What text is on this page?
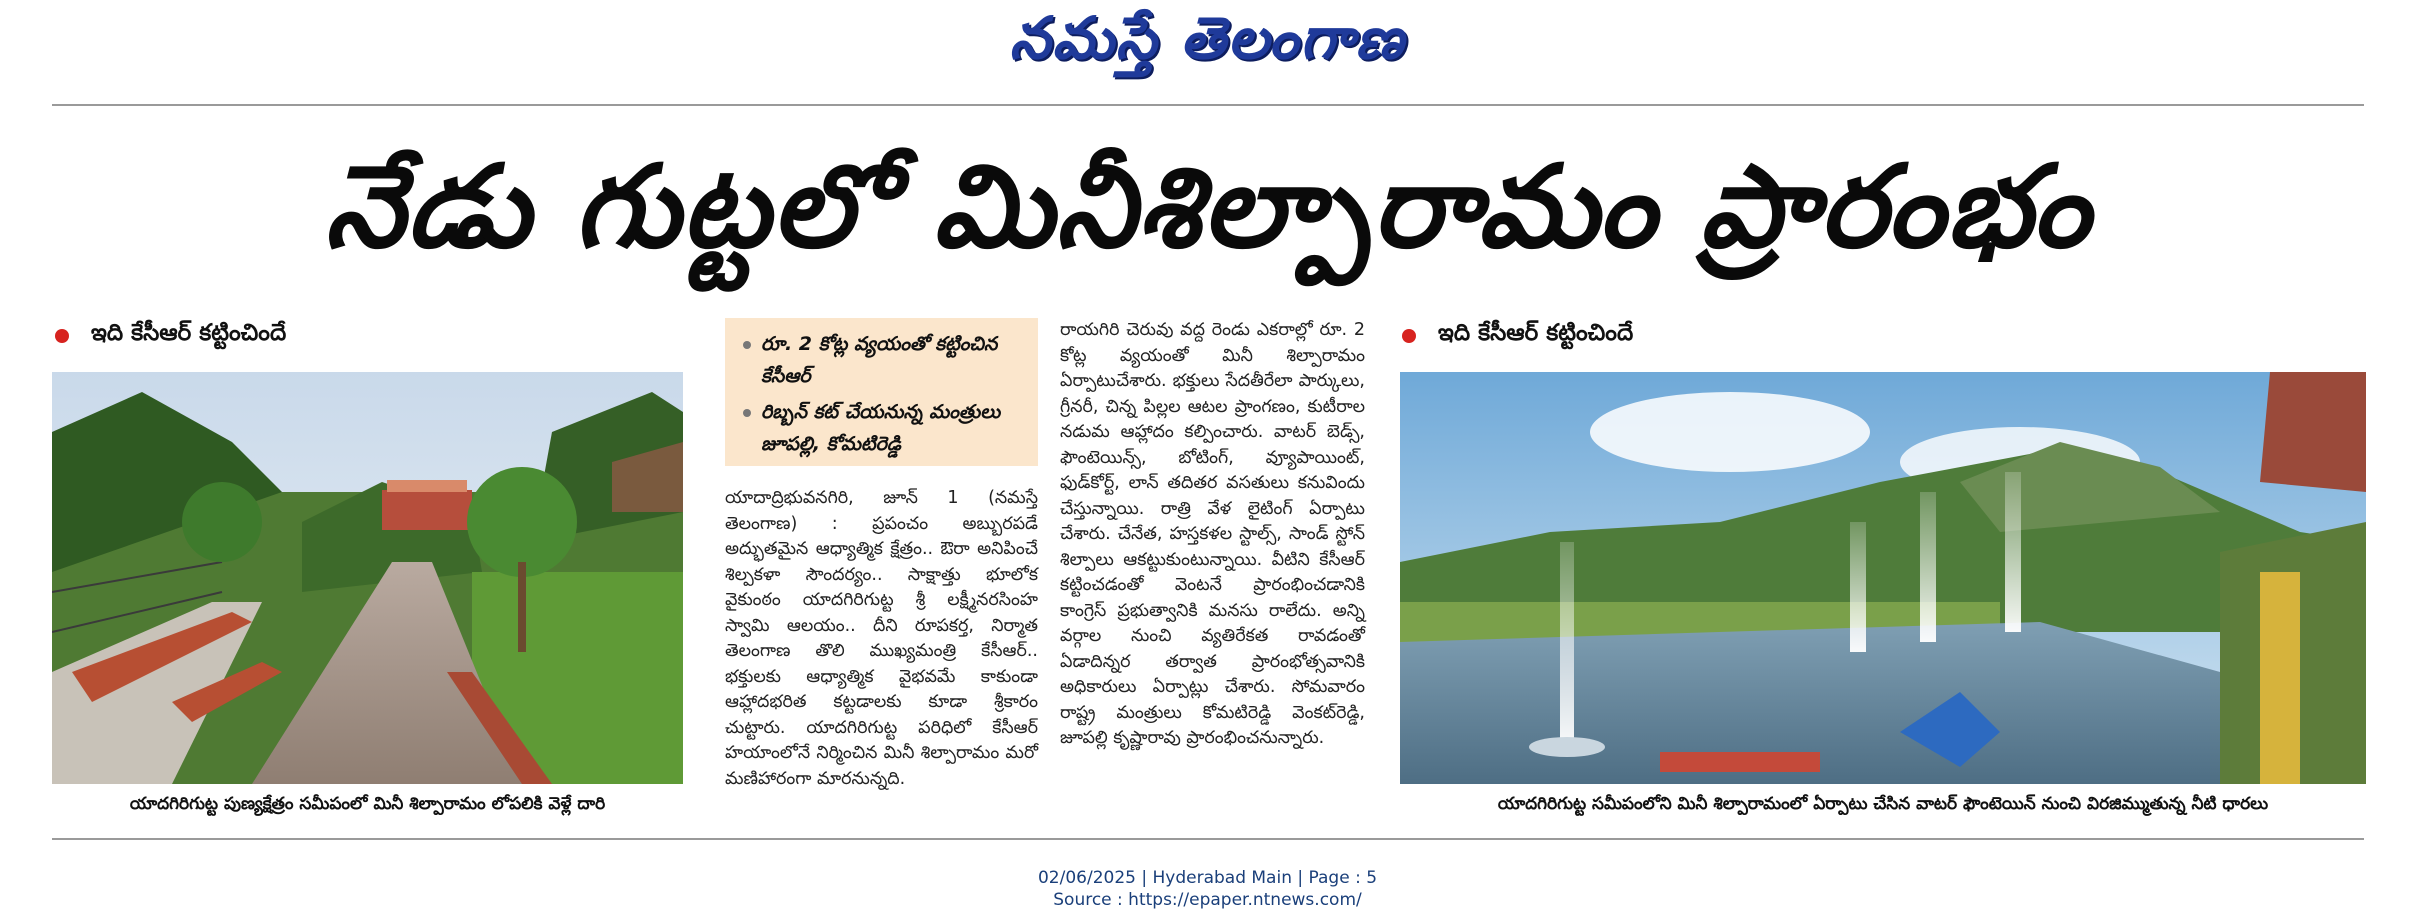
నమస్తే తెలంగాణ
నేడు గుట్టలో మినీశిల్పారామం ప్రారంభం
ఇది కేసీఆర్ కట్టించిందే
యాదగిరిగుట్ట పుణ్యక్షేత్రం సమీపంలో మినీ శిల్పారామం లోపలికి వెళ్లే దారి
రూ. 2 కోట్ల వ్యయంతో కట్టించిన కేసీఆర్
రిబ్బన్ కట్ చేయనున్న మంత్రులు జూపల్లి, కోమటిరెడ్డి

యాదాద్రిభువనగిరి, జూన్ 1 (నమస్తే తెలంగాణ) : ప్రపంచం అబ్బురపడే అద్భుతమైన ఆధ్యాత్మిక క్షేత్రం.. ఔరా అనిపించే శిల్పకళా సౌందర్యం.. సాక్షాత్తు భూలోక వైకుంఠం యాదగిరిగుట్ట శ్రీ లక్ష్మీనరసింహ స్వామి ఆలయం.. దీని రూపకర్త, నిర్మాత తెలంగాణ తొలి ముఖ్యమంత్రి కేసీఆర్.. భక్తులకు ఆధ్యాత్మిక వైభవమే కాకుండా ఆహ్లాదభరిత కట్టడాలకు కూడా శ్రీకారం చుట్టారు. యాదగిరిగుట్ట పరిధిలో కేసీఆర్ హయాంలోనే నిర్మించిన మినీ శిల్పారామం మరో మణిహారంగా మారనున్నది.

రాయగిరి చెరువు వద్ద రెండు ఎకరాల్లో రూ. 2 కోట్ల వ్యయంతో మినీ శిల్పారామం ఏర్పాటుచేశారు. భక్తులు సేదతీరేలా పార్కులు, గ్రీనరీ, చిన్న పిల్లల ఆటల ప్రాంగణం, కుటీరాల నడుమ ఆహ్లాదం కల్పించారు. వాటర్ బెడ్స్, ఫౌంటెయిన్స్, బోటింగ్, వ్యూపాయింట్, ఫుడ్‌కోర్ట్, లాన్ తదితర వసతులు కనువిందు చేస్తున్నాయి. రాత్రి వేళ లైటింగ్ ఏర్పాటు చేశారు. చేనేత, హస్తకళల స్టాల్స్, సాండ్ స్టోన్ శిల్పాలు ఆకట్టుకుంటున్నాయి. వీటిని కేసీఆర్ కట్టించడంతో వెంటనే ప్రారంభించడానికి కాంగ్రెస్ ప్రభుత్వానికి మనసు రాలేదు. అన్ని వర్గాల నుంచి వ్యతిరేకత రావడంతో ఏడాదిన్నర తర్వాత ప్రారంభోత్సవానికి అధికారులు ఏర్పాట్లు చేశారు. సోమవారం రాష్ట్ర మంత్రులు కోమటిరెడ్డి వెంకట్‌రెడ్డి, జూపల్లి కృష్ణారావు ప్రారంభించనున్నారు.

ఇది కేసీఆర్ కట్టించిందే
యాదగిరిగుట్ట సమీపంలోని మినీ శిల్పారామంలో ఏర్పాటు చేసిన వాటర్ ఫౌంటెయిన్ నుంచి విరజిమ్ముతున్న నీటి ధారలు
02/06/2025 | Hyderabad Main | Page : 5
Source : https://epaper.ntnews.com/
